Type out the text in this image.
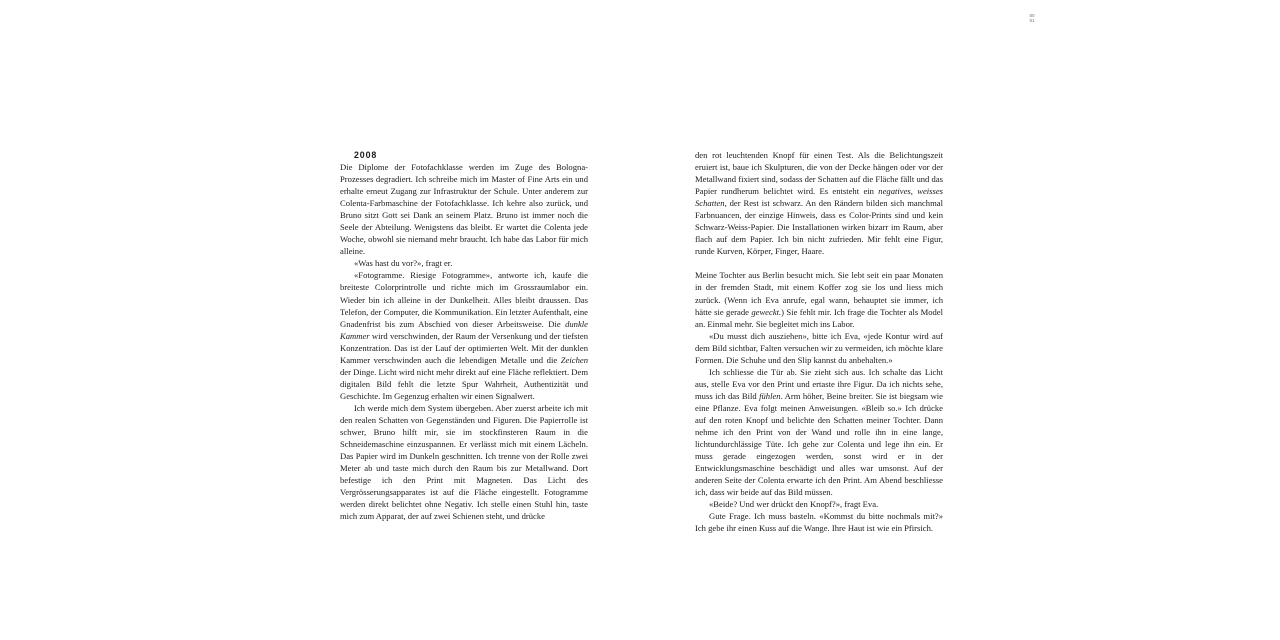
80
81
2008

Die Diplome der Fotofachklasse werden im Zuge des Bologna-Prozesses degradiert. Ich schreibe mich im Master of Fine Arts ein und erhalte erneut Zugang zur Infrastruktur der Schule. Unter anderem zur Colenta-Farbmaschine der Fotofachklasse. Ich kehre also zurück, und Bruno sitzt Gott sei Dank an seinem Platz. Bruno ist immer noch die Seele der Abteilung. Wenigstens das bleibt. Er wartet die Colenta jede Woche, obwohl sie niemand mehr braucht. Ich habe das Labor für mich alleine.

«Was hast du vor?», fragt er.

«Fotogramme. Riesige Fotogramme», antworte ich, kaufe die breiteste Colorprintrolle und richte mich im Grossraumlabor ein. Wieder bin ich alleine in der Dunkelheit. Alles bleibt draussen. Das Telefon, der Computer, die Kommunikation. Ein letzter Aufenthalt, eine Gnadenfrist bis zum Abschied von dieser Arbeitsweise. Die dunkle Kammer wird verschwinden, der Raum der Versenkung und der tiefsten Konzentration. Das ist der Lauf der optimierten Welt. Mit der dunklen Kammer verschwinden auch die lebendigen Metalle und die Zeichen der Dinge. Licht wird nicht mehr direkt auf eine Fläche reflektiert. Dem digitalen Bild fehlt die letzte Spur Wahrheit, Authentizität und Geschichte. Im Gegenzug erhalten wir einen Signalwert.

Ich werde mich dem System übergeben. Aber zuerst arbeite ich mit den realen Schatten von Gegenständen und Figuren. Die Papierrolle ist schwer, Bruno hilft mir, sie im stockfinsteren Raum in die Schneidemaschine einzuspannen. Er verlässt mich mit einem Lächeln. Das Papier wird im Dunkeln geschnitten. Ich trenne von der Rolle zwei Meter ab und taste mich durch den Raum bis zur Metallwand. Dort befestige ich den Print mit Magneten. Das Licht des Vergrösserungsapparates ist auf die Fläche eingestellt. Fotogramme werden direkt belichtet ohne Negativ. Ich stelle einen Stuhl hin, taste mich zum Apparat, der auf zwei Schienen steht, und drücke

den rot leuchtenden Knopf für einen Test. Als die Belichtungszeit eruiert ist, baue ich Skulpturen, die von der Decke hängen oder vor der Metallwand fixiert sind, sodass der Schatten auf die Fläche fällt und das Papier rundherum belichtet wird. Es entsteht ein negatives, weisses Schatten, der Rest ist schwarz. An den Rändern bilden sich manchmal Farbnuancen, der einzige Hinweis, dass es Color-Prints sind und kein Schwarz-Weiss-Papier. Die Installationen wirken bizarr im Raum, aber flach auf dem Papier. Ich bin nicht zufrieden. Mir fehlt eine Figur, runde Kurven, Körper, Finger, Haare.

Meine Tochter aus Berlin besucht mich. Sie lebt seit ein paar Monaten in der fremden Stadt, mit einem Koffer zog sie los und liess mich zurück. (Wenn ich Eva anrufe, egal wann, behauptet sie immer, ich hätte sie gerade geweckt.) Sie fehlt mir. Ich frage die Tochter als Model an. Einmal mehr. Sie begleitet mich ins Labor.

«Du musst dich ausziehen», bitte ich Eva, «jede Kontur wird auf dem Bild sichtbar, Falten versuchen wir zu vermeiden, ich möchte klare Formen. Die Schuhe und den Slip kannst du anbehalten.»

Ich schliesse die Tür ab. Sie zieht sich aus. Ich schalte das Licht aus, stelle Eva vor den Print und ertaste ihre Figur. Da ich nichts sehe, muss ich das Bild fühlen. Arm höher, Beine breiter. Sie ist biegsam wie eine Pflanze. Eva folgt meinen Anweisungen. «Bleib so.» Ich drücke auf den roten Knopf und belichte den Schatten meiner Tochter. Dann nehme ich den Print von der Wand und rolle ihn in eine lange, lichtundurchlässige Tüte. Ich gehe zur Colenta und lege ihn ein. Er muss gerade eingezogen werden, sonst wird er in der Entwicklungsmaschine beschädigt und alles war umsonst. Auf der anderen Seite der Colenta erwarte ich den Print. Am Abend beschliesse ich, dass wir beide auf das Bild müssen.

«Beide? Und wer drückt den Knopf?», fragt Eva.

Gute Frage. Ich muss basteln. «Kommst du bitte nochmals mit?» Ich gebe ihr einen Kuss auf die Wange. Ihre Haut ist wie ein Pfirsich.
